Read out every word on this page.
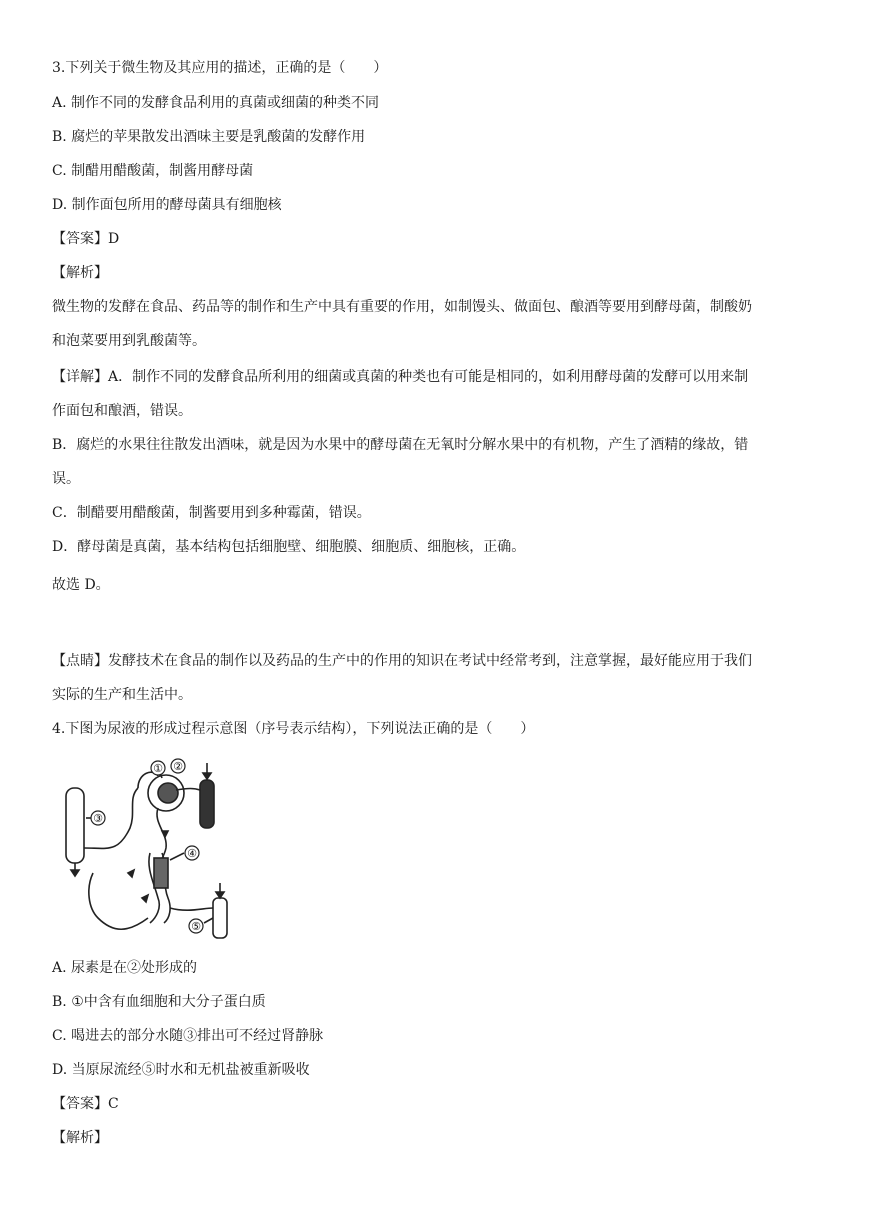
3.下列关于微生物及其应用的描述，正确的是（　　）
A. 制作不同的发酵食品利用的真菌或细菌的种类不同
B. 腐烂的苹果散发出酒味主要是乳酸菌的发酵作用
C. 制醋用醋酸菌，制酱用酵母菌
D. 制作面包所用的酵母菌具有细胞核
【答案】D
【解析】
微生物的发酵在食品、药品等的制作和生产中具有重要的作用，如制馒头、做面包、酿酒等要用到酵母菌，制酸奶
和泡菜要用到乳酸菌等。
【详解】A．制作不同的发酵食品所利用的细菌或真菌的种类也有可能是相同的，如利用酵母菌的发酵可以用来制
作面包和酿酒，错误。
B．腐烂的水果往往散发出酒味，就是因为水果中的酵母菌在无氧时分解水果中的有机物，产生了酒精的缘故，错
误。
C．制醋要用醋酸菌，制酱要用到多种霉菌，错误。
D．酵母菌是真菌，基本结构包括细胞壁、细胞膜、细胞质、细胞核，正确。
故选 D。
【点睛】发酵技术在食品的制作以及药品的生产中的作用的知识在考试中经常考到，注意掌握，最好能应用于我们
实际的生产和生活中。
4.下图为尿液的形成过程示意图（序号表示结构），下列说法正确的是（　　）
① ②
③
④
⑤
A. 尿素是在②处形成的
B. ①中含有血细胞和大分子蛋白质
C. 喝进去的部分水随③排出可不经过肾静脉
D. 当原尿流经⑤时水和无机盐被重新吸收
【答案】C
【解析】
